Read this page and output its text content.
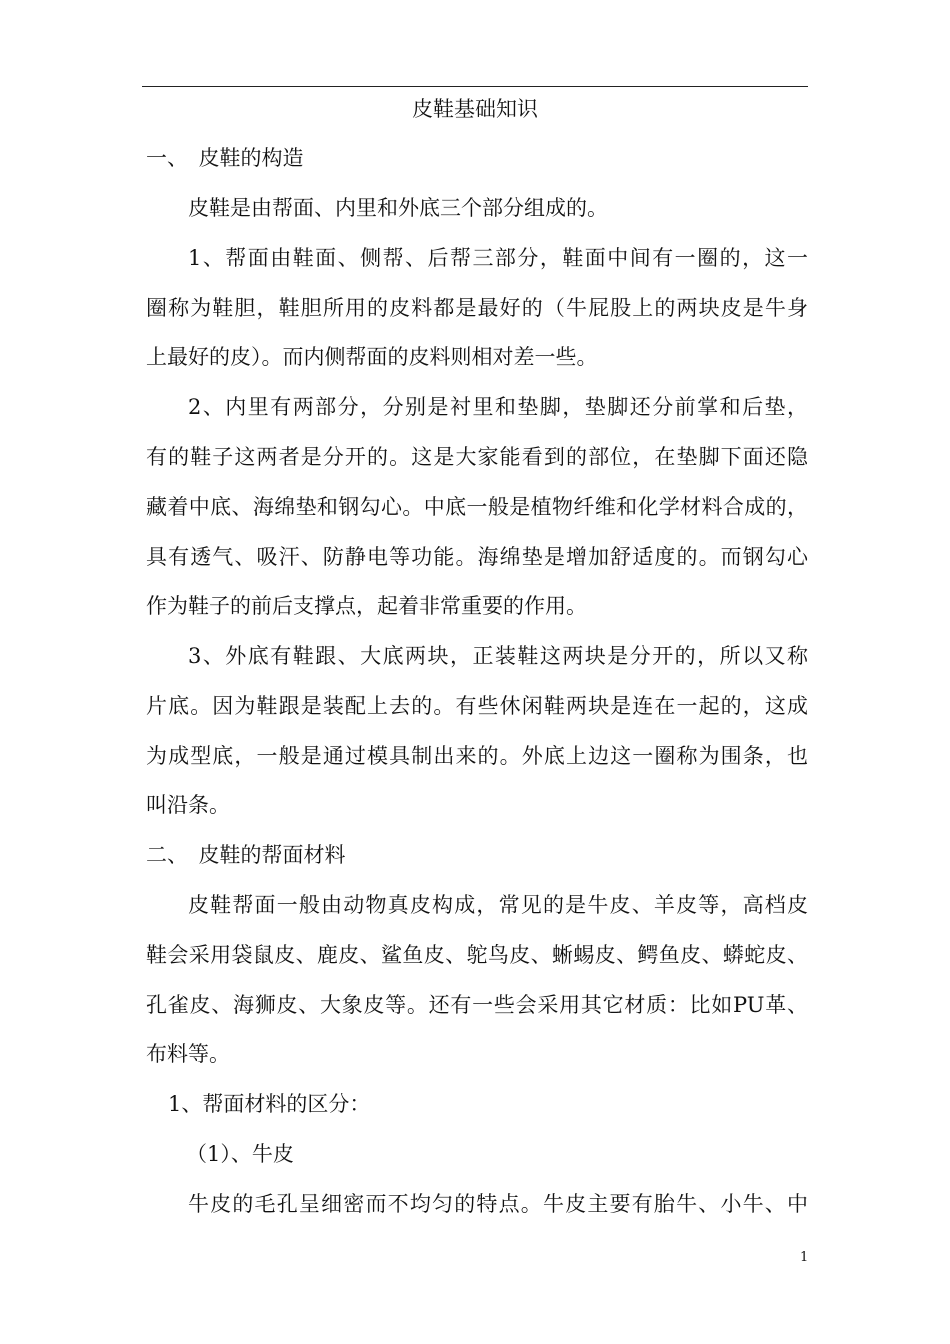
皮鞋基础知识
一、　皮鞋的构造
皮鞋是由帮面、内里和外底三个部分组成的。
1、帮面由鞋面、侧帮、后帮三部分，鞋面中间有一圈的，这一
圈称为鞋胆，鞋胆所用的皮料都是最好的（牛屁股上的两块皮是牛身
上最好的皮）。而内侧帮面的皮料则相对差一些。
2、内里有两部分，分别是衬里和垫脚，垫脚还分前掌和后垫，
有的鞋子这两者是分开的。这是大家能看到的部位，在垫脚下面还隐
藏着中底、海绵垫和钢勾心。中底一般是植物纤维和化学材料合成的，
具有透气、吸汗、防静电等功能。海绵垫是增加舒适度的。而钢勾心
作为鞋子的前后支撑点，起着非常重要的作用。
3、外底有鞋跟、大底两块，正装鞋这两块是分开的，所以又称
片底。因为鞋跟是装配上去的。有些休闲鞋两块是连在一起的，这成
为成型底，一般是通过模具制出来的。外底上边这一圈称为围条，也
叫沿条。
二、　皮鞋的帮面材料
皮鞋帮面一般由动物真皮构成，常见的是牛皮、羊皮等，高档皮
鞋会采用袋鼠皮、鹿皮、鲨鱼皮、鸵鸟皮、蜥蜴皮、鳄鱼皮、蟒蛇皮、
孔雀皮、海狮皮、大象皮等。还有一些会采用其它材质：比如PU革、
布料等。
1、帮面材料的区分：
（1）、牛皮
牛皮的毛孔呈细密而不均匀的特点。牛皮主要有胎牛、小牛、中
1
